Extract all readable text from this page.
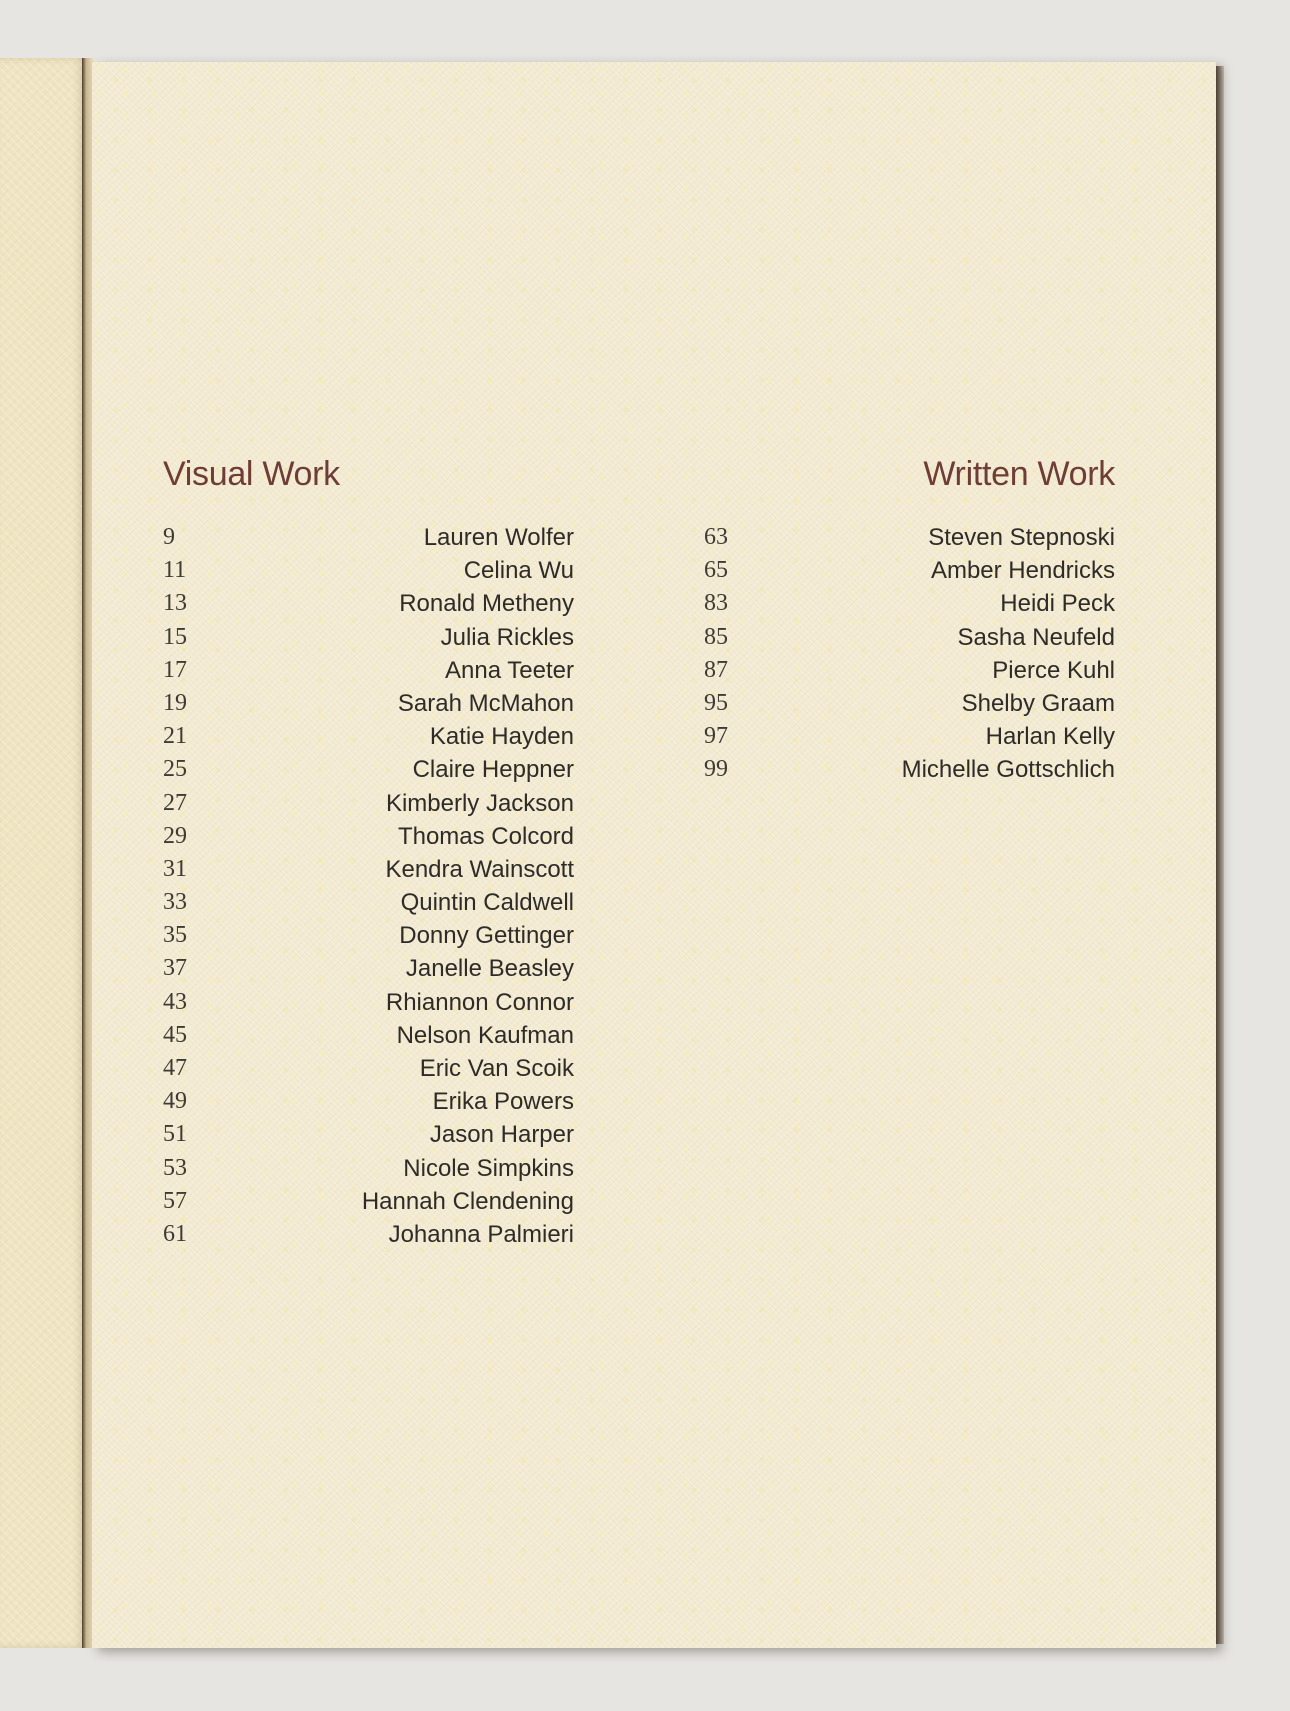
Visual Work	Written Work
9	Lauren Wolfer
11	Celina Wu
13	Ronald Metheny
15	Julia Rickles
17	Anna Teeter
19	Sarah McMahon
21	Katie Hayden
25	Claire Heppner
27	Kimberly Jackson
29	Thomas Colcord
31	Kendra Wainscott
33	Quintin Caldwell
35	Donny Gettinger
37	Janelle Beasley
43	Rhiannon Connor
45	Nelson Kaufman
47	Eric Van Scoik
49	Erika Powers
51	Jason Harper
53	Nicole Simpkins
57	Hannah Clendening
61	Johanna Palmieri
63	Steven Stepnoski
65	Amber Hendricks
83	Heidi Peck
85	Sasha Neufeld
87	Pierce Kuhl
95	Shelby Graam
97	Harlan Kelly
99	Michelle Gottschlich
